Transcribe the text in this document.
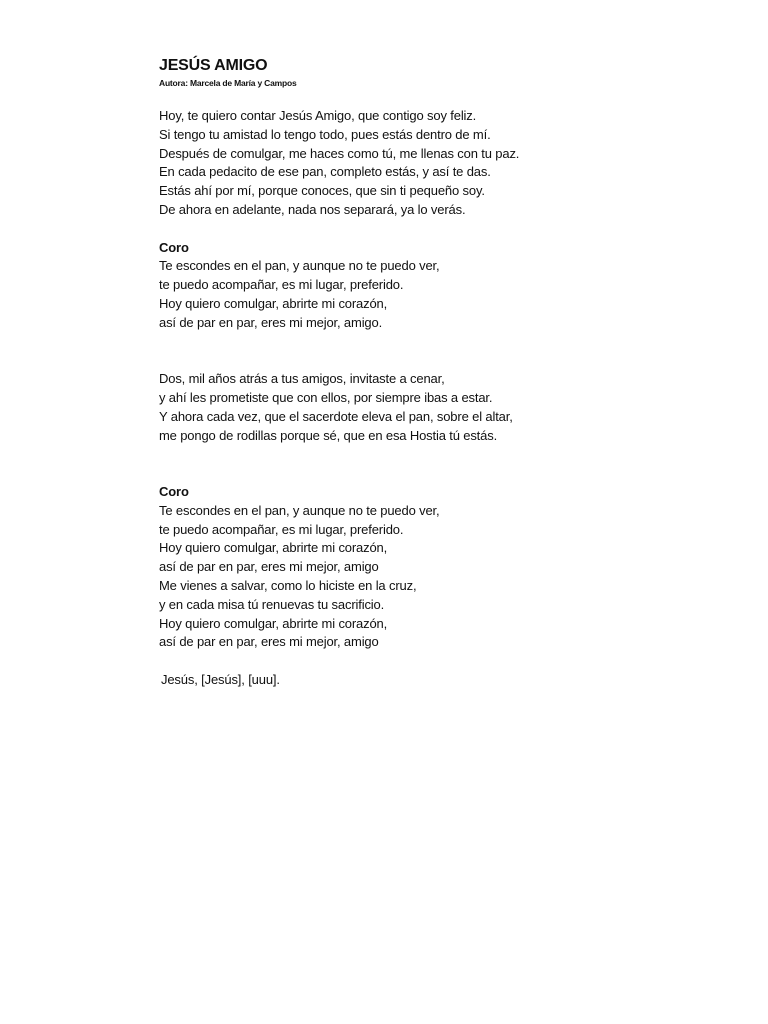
JESÚS AMIGO
Autora: Marcela de María y Campos
Hoy, te quiero contar Jesús Amigo, que contigo soy feliz.
Si tengo tu amistad lo tengo todo, pues estás dentro de mí.
Después de comulgar, me haces como tú, me llenas con tu paz.
En cada pedacito de ese pan, completo estás, y así te das.
Estás ahí por mí, porque conoces, que sin ti pequeño soy.
De ahora en adelante, nada nos separará, ya lo verás.
Coro
Te escondes en el pan, y aunque no te puedo ver,
te puedo acompañar, es mi lugar, preferido.
Hoy quiero comulgar, abrirte mi corazón,
así de par en par, eres mi mejor, amigo.
Dos, mil años atrás a tus amigos, invitaste a cenar,
y ahí les prometiste que con ellos, por siempre ibas a estar.
Y ahora cada vez, que el sacerdote eleva el pan, sobre el altar,
me pongo de rodillas porque sé, que en esa Hostia tú estás.
Coro
Te escondes en el pan, y aunque no te puedo ver,
te puedo acompañar, es mi lugar, preferido.
Hoy quiero comulgar, abrirte mi corazón,
así de par en par, eres mi mejor, amigo
Me vienes a salvar, como lo hiciste en la cruz,
y en cada misa tú renuevas tu sacrificio.
Hoy quiero comulgar, abrirte mi corazón,
así de par en par, eres mi mejor, amigo
Jesús, [Jesús], [uuu].
